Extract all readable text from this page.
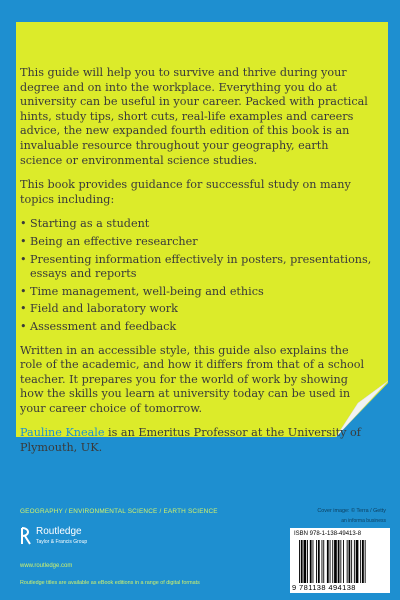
This guide will help you to survive and thrive during your degree and on into the workplace. Everything you do at university can be useful in your career. Packed with practical hints, study tips, short cuts, real-life examples and careers advice, the new expanded fourth edition of this book is an invaluable resource throughout your geography, earth science or environmental science studies.

This book provides guidance for successful study on many topics including:

• Starting as a student
• Being an effective researcher
• Presenting information effectively in posters, presentations, essays and reports
• Time management, well-being and ethics
• Field and laboratory work
• Assessment and feedback

Written in an accessible style, this guide also explains the role of the academic, and how it differs from that of a school teacher. It prepares you for the world of work by showing how the skills you learn at university today can be used in your career choice of tomorrow.

Pauline Kneale is an Emeritus Professor at the University of Plymouth, UK.

GEOGRAPHY / ENVIRONMENTAL SCIENCE / EARTH SCIENCE	Cover image: © Terra / Getty
an informa business
Routledge
Taylor & Francis Group
www.routledge.com
Routledge titles are available as eBook editions in a range of digital formats
ISBN 978-1-138-49413-8
9 781138 494138
